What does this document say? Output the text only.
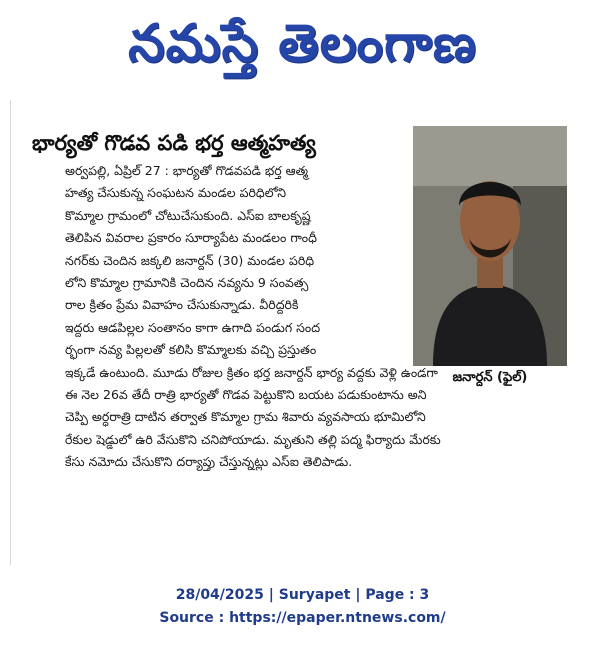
నమస్తే తెలంగాణ
భార్యతో గొడవ పడి భర్త ఆత్మహత్య
జనార్దన్ (ఫైల్)
అర్వపల్లి, ఏప్రిల్ 27 : భార్యతో గొడవపడి భర్త ఆత్మ
హత్య చేసుకున్న సంఘటన మండల పరిధిలోని
కొమ్మాల గ్రామంలో చోటుచేసుకుంది. ఎస్ఐ బాలకృష్ణ
తెలిపిన వివరాల ప్రకారం సూర్యాపేట మండలం గాంధీ
నగర్‌కు చెందిన జక్కలి జనార్దన్ (30) మండల పరిధి
లోని కొమ్మాల గ్రామానికి చెందిన నవ్యను 9 సంవత్స
రాల క్రితం ప్రేమ వివాహం చేసుకున్నాడు. వీరిద్దరికి
ఇద్దరు ఆడపిల్లల సంతానం కాగా ఉగాది పండుగ సంద
ర్భంగా నవ్య పిల్లలతో కలిసి కొమ్మాలకు వచ్చి ప్రస్తుతం
ఇక్కడే ఉంటుంది. మూడు రోజుల క్రితం భర్త జనార్దన్ భార్య వద్దకు వెళ్లి ఉండగా
ఈ నెల 26వ తేదీ రాత్రి భార్యతో గొడవ పెట్టుకొని బయట పడుకుంటాను అని
చెప్పి అర్ధరాత్రి దాటిన తర్వాత కొమ్మాల గ్రామ శివారు వ్యవసాయ భూమిలోని
రేకుల షెడ్డులో ఉరి వేసుకొని చనిపోయాడు. మృతుని తల్లి పద్మ ఫిర్యాదు మేరకు
కేసు నమోదు చేసుకొని దర్యాప్తు చేస్తున్నట్లు ఎస్ఐ తెలిపాడు.
28/04/2025 | Suryapet | Page : 3
Source : https://epaper.ntnews.com/
